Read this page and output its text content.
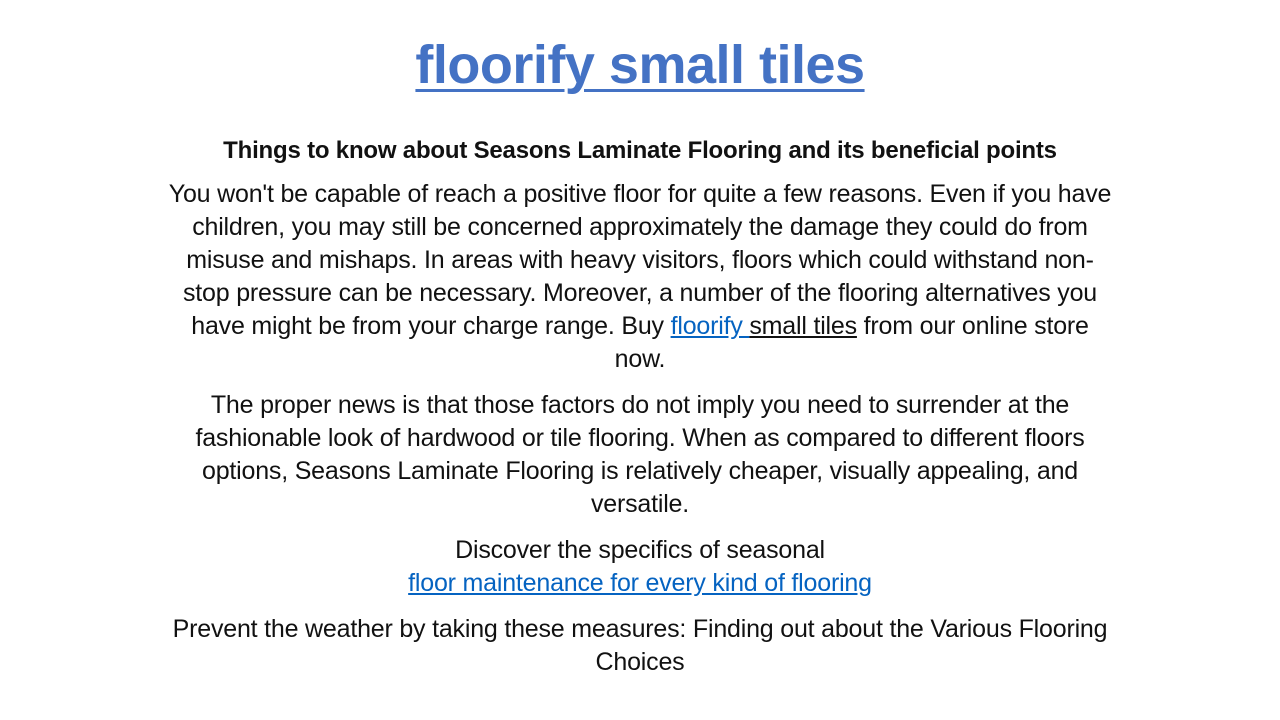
floorify small tiles
Things to know about Seasons Laminate Flooring and its beneficial points

You won't be capable of reach a positive floor for quite a few reasons. Even if you have children, you may still be concerned approximately the damage they could do from misuse and mishaps. In areas with heavy visitors, floors which could withstand non-stop pressure can be necessary. Moreover, a number of the flooring alternatives you have might be from your charge range. Buy floorify small tiles from our online store now.

The proper news is that those factors do not imply you need to surrender at the fashionable look of hardwood or tile flooring. When as compared to different floors options, Seasons Laminate Flooring is relatively cheaper, visually appealing, and versatile.

Discover the specifics of seasonal
floor maintenance for every kind of flooring

Prevent the weather by taking these measures: Finding out about the Various Flooring Choices
